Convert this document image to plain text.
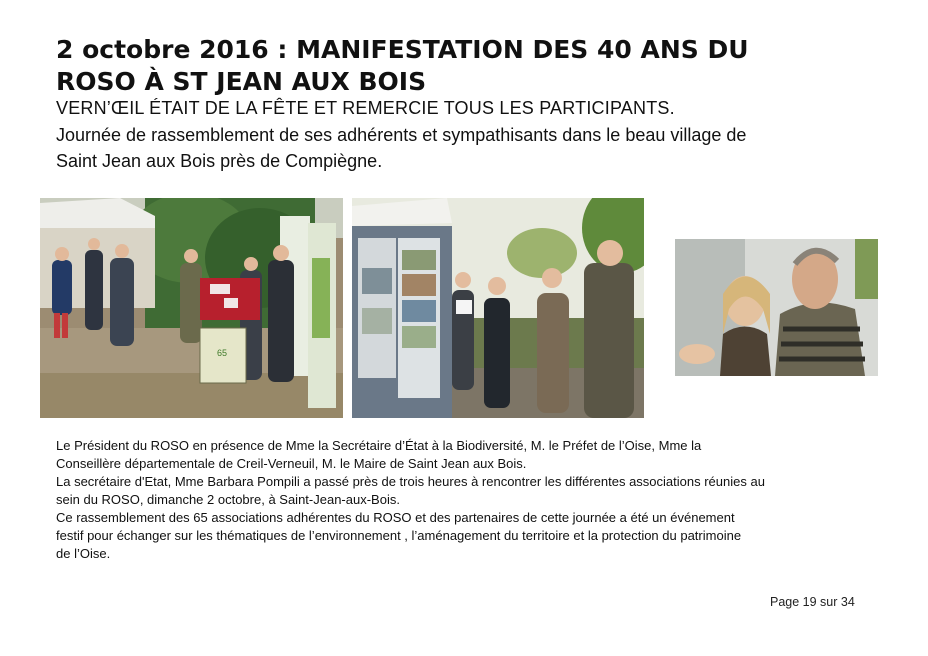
2 octobre 2016 : MANIFESTATION DES 40 ANS DU
ROSO À ST JEAN AUX BOIS
VERN’ŒIL ÉTAIT DE LA FÊTE ET REMERCIE TOUS LES PARTICIPANTS.
Journée de rassemblement de ses adhérents et sympathisants dans le beau village de
Saint Jean aux Bois près de Compiègne.
65

Le Président du ROSO en présence de Mme la Secrétaire d’État à la Biodiversité, M. le Préfet de l’Oise, Mme la
Conseillère départementale de Creil-Verneuil, M. le Maire de Saint Jean aux Bois.

La secrétaire d'Etat, Mme Barbara Pompili a passé près de trois heures à rencontrer les différentes associations réunies au
sein du ROSO, dimanche 2 octobre, à Saint-Jean-aux-Bois.

Ce rassemblement des 65 associations adhérentes du ROSO et des partenaires de cette journée a été un événement
festif pour échanger sur les thématiques de l’environnement , l’aménagement du territoire et la protection du patrimoine
de l’Oise.

Page 19 sur 34
